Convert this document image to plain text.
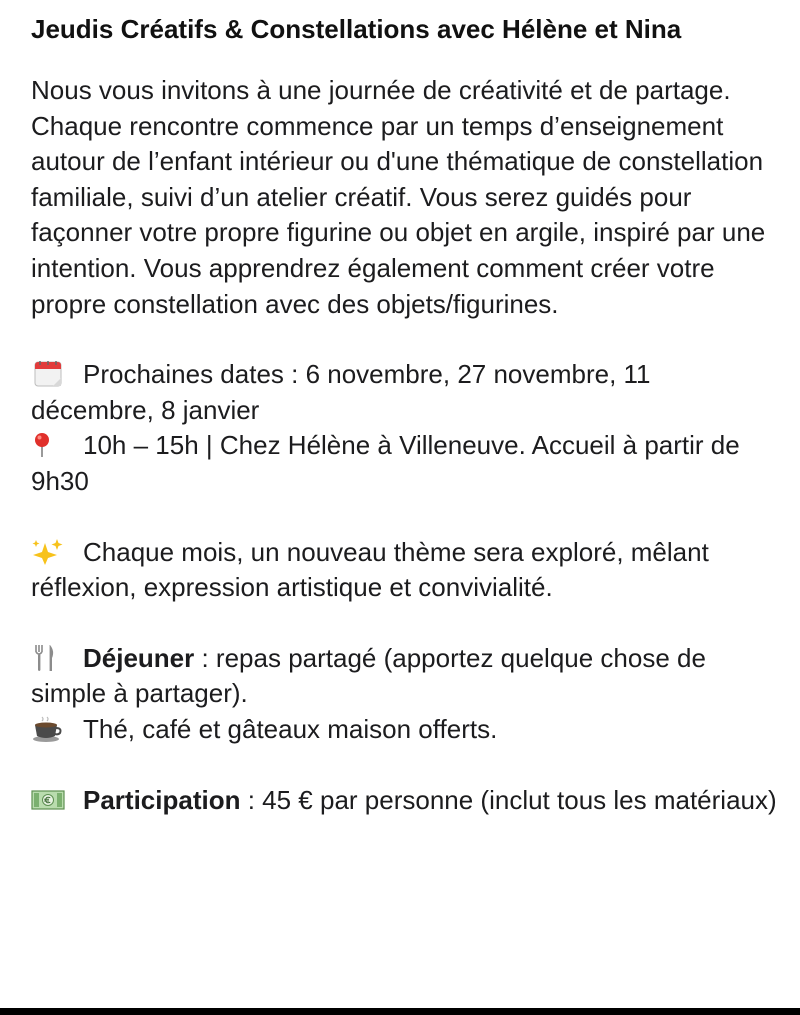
Jeudis Créatifs & Constellations avec Hélène et Nina

Nous vous invitons à une journée de créativité et de partage. Chaque rencontre commence par un temps d’enseignement autour de l’enfant intérieur ou d'une thématique de constellation familiale, suivi d’un atelier créatif. Vous serez guidés pour façonner votre propre figurine ou objet en argile, inspiré par une intention. Vous apprendrez également comment créer votre propre constellation avec des objets/figurines.

Prochaines dates : 6 novembre, 27 novembre, 11 décembre, 8 janvier
10h – 15h | Chez Hélène à Villeneuve. Accueil à partir de 9h30

Chaque mois, un nouveau thème sera exploré, mêlant réflexion, expression artistique et convivialité.

Déjeuner : repas partagé (apportez quelque chose de simple à partager).
Thé, café et gâteaux maison offerts.

Participation : 45 € par personne (inclut tous les matériaux)
